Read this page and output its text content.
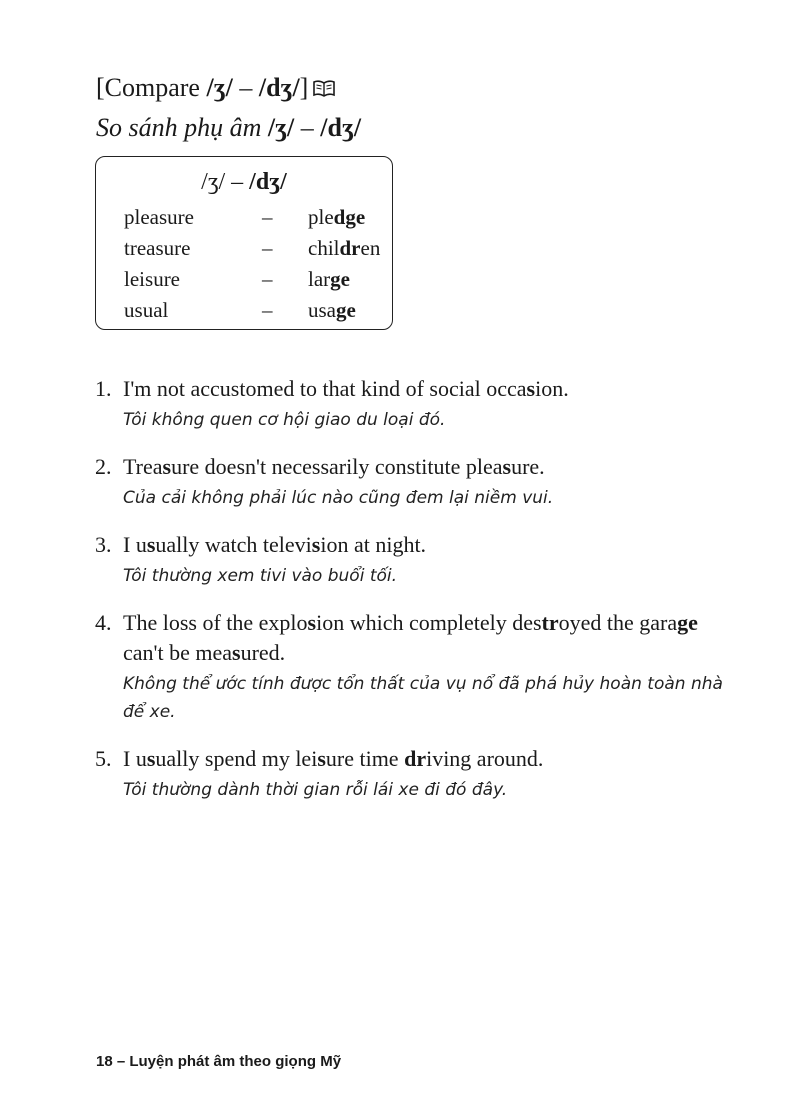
[Compare /ʒ/ – /dʒ/]
So sánh phụ âm /ʒ/ – /dʒ/
/ʒ/ – /dʒ/
pleasure	– pledge
treasure	– children
leisure	– large
usual	– usage
1. I'm not accustomed to that kind of social occasion.
Tôi không quen cơ hội giao du loại đó.
2. Treasure doesn't necessarily constitute pleasure.
Của cải không phải lúc nào cũng đem lại niềm vui.
3. I usually watch television at night.
Tôi thường xem tivi vào buổi tối.
4. The loss of the explosion which completely destroyed the garage can't be measured.
Không thể ước tính được tổn thất của vụ nổ đã phá hủy hoàn toàn nhà để xe.
5. I usually spend my leisure time driving around.
Tôi thường dành thời gian rỗi lái xe đi đó đây.
18 – Luyện phát âm theo giọng Mỹ
